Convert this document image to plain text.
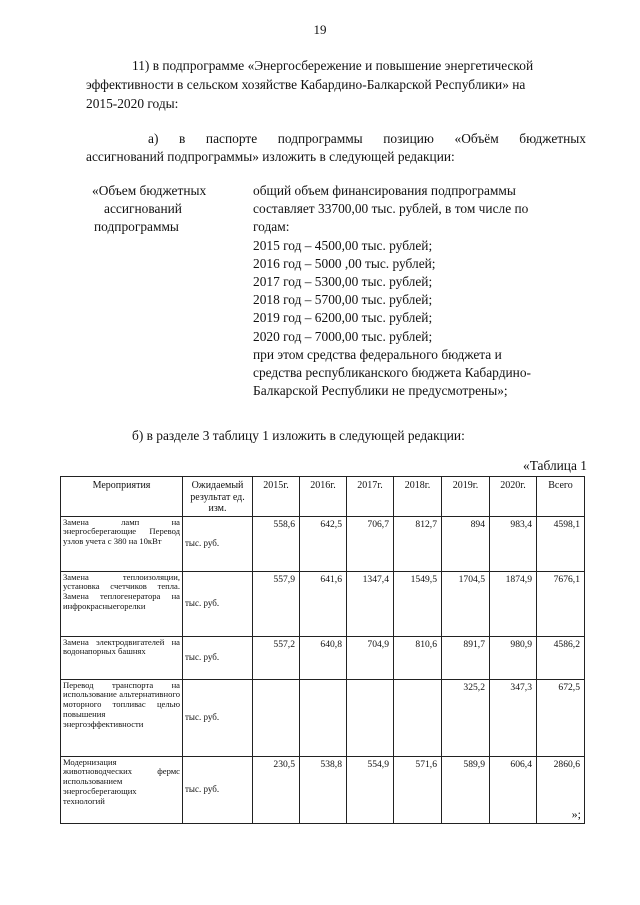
19
11) в подпрограмме «Энергосбережение и повышение энергетической
эффективности в сельском хозяйстве Кабардино-Балкарской Республики» на
2015-2020 годы:
а) в паспорте подпрограммы позицию «Объём бюджетных
ассигнований подпрограммы» изложить в следующей редакции:
«Объем бюджетных
ассигнований
подпрограммы
общий объем финансирования подпрограммы
составляет 33700,00 тыс. рублей, в том числе по
годам:
2015 год – 4500,00 тыс. рублей;
2016 год – 5000 ,00 тыс. рублей;
2017 год – 5300,00 тыс. рублей;
2018 год – 5700,00 тыс. рублей;
2019 год – 6200,00 тыс. рублей;
2020 год – 7000,00 тыс. рублей;
при этом средства федерального бюджета и
средства республиканского бюджета Кабардино-
Балкарской Республики не предусмотрены»;
б) в разделе 3 таблицу 1 изложить в следующей редакции:
«Таблица 1
Мероприятия	Ожидаемый результат ед. изм.	2015г.	2016г.	2017г.	2018г.	2019г.	2020г.	Всего
Замена ламп на энергосберегающие Перевод узлов учета с 380 на 10кВт	тыс. руб.	558,6	642,5	706,7	812,7	894	983,4	4598,1
Замена теплоизоляции, установка счетчиков тепла. Замена теплогенератора на инфрокрасныегорелки	тыс. руб.	557,9	641,6	1347,4	1549,5	1704,5	1874,9	7676,1
Замена электродвигателей на водонапорных башнях	тыс. руб.	557,2	640,8	704,9	810,6	891,7	980,9	4586,2
Перевод транспорта на использование альтернативного моторного топливас целью повышения энергоэффективности	тыс. руб.					325,2	347,3	672,5
Модернизация животноводческих фермс использованием энергосберегающих технологий	тыс. руб.	230,5	538,8	554,9	571,6	589,9	606,4	2860,6
»;
